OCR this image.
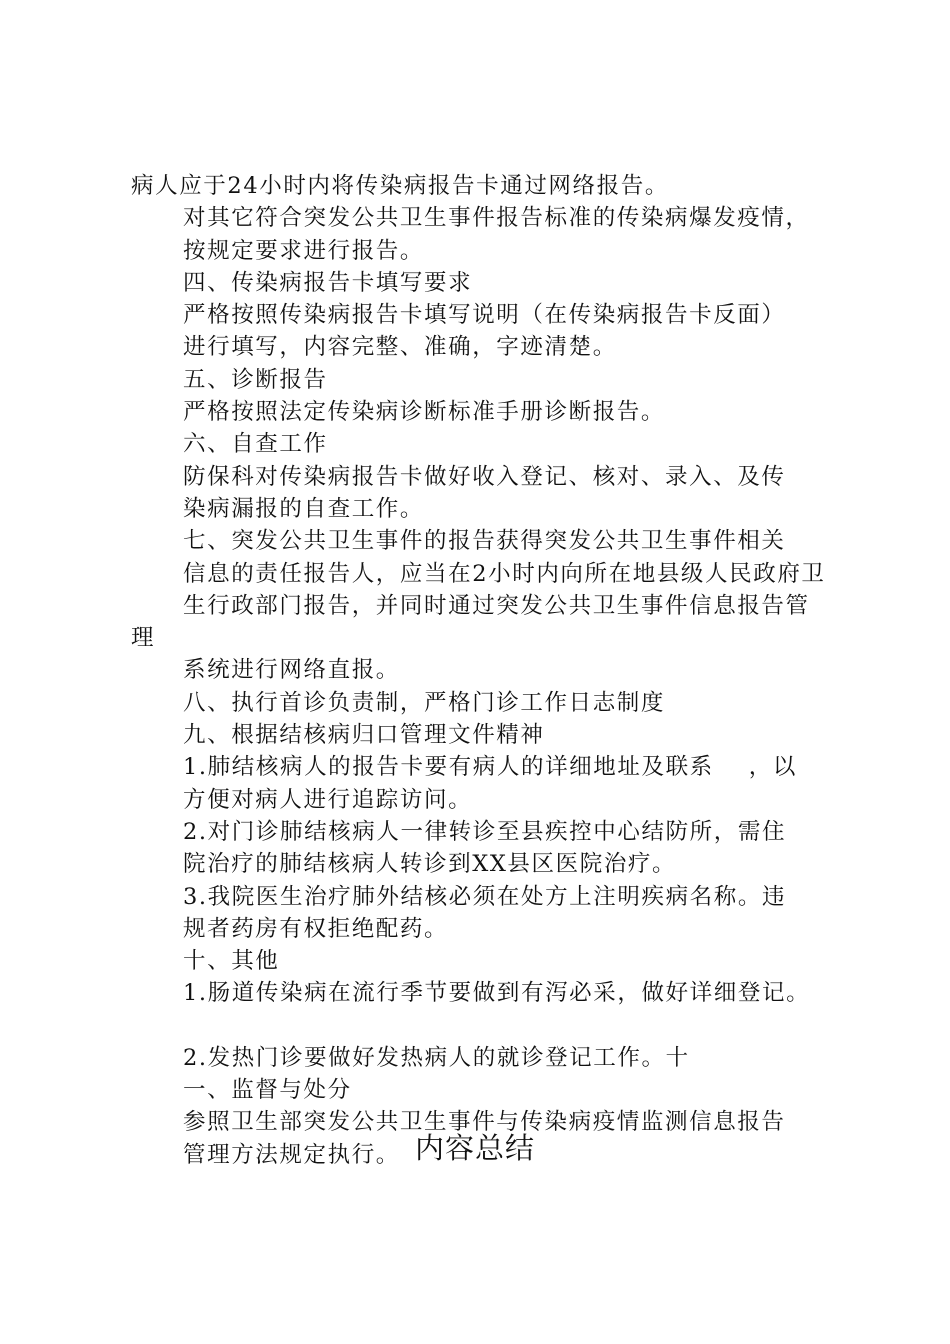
病人应于24小时内将传染病报告卡通过网络报告。

对其它符合突发公共卫生事件报告标准的传染病爆发疫情，
按规定要求进行报告。

四、传染病报告卡填写要求

严格按照传染病报告卡填写说明（在传染病报告卡反面）
进行填写，内容完整、准确，字迹清楚。

五、诊断报告

严格按照法定传染病诊断标准手册诊断报告。

六、自查工作

防保科对传染病报告卡做好收入登记、核对、录入、及传
染病漏报的自查工作。

七、突发公共卫生事件的报告获得突发公共卫生事件相关
信息的责任报告人，应当在2小时内向所在地县级人民政府卫
生行政部门报告，并同时通过突发公共卫生事件信息报告管理
系统进行网络直报。

八、执行首诊负责制，严格门诊工作日志制度

九、根据结核病归口管理文件精神

1.肺结核病人的报告卡要有病人的详细地址及联系    ，以
方便对病人进行追踪访问。

2.对门诊肺结核病人一律转诊至县疾控中心结防所，需住
院治疗的肺结核病人转诊到XX县区医院治疗。

3.我院医生治疗肺外结核必须在处方上注明疾病名称。违
规者药房有权拒绝配药。

十、其他

1.肠道传染病在流行季节要做到有泻必采，做好详细登记。

2.发热门诊要做好发热病人的就诊登记工作。十

一、监督与处分

参照卫生部突发公共卫生事件与传染病疫情监测信息报告
管理方法规定执行。 内容总结
